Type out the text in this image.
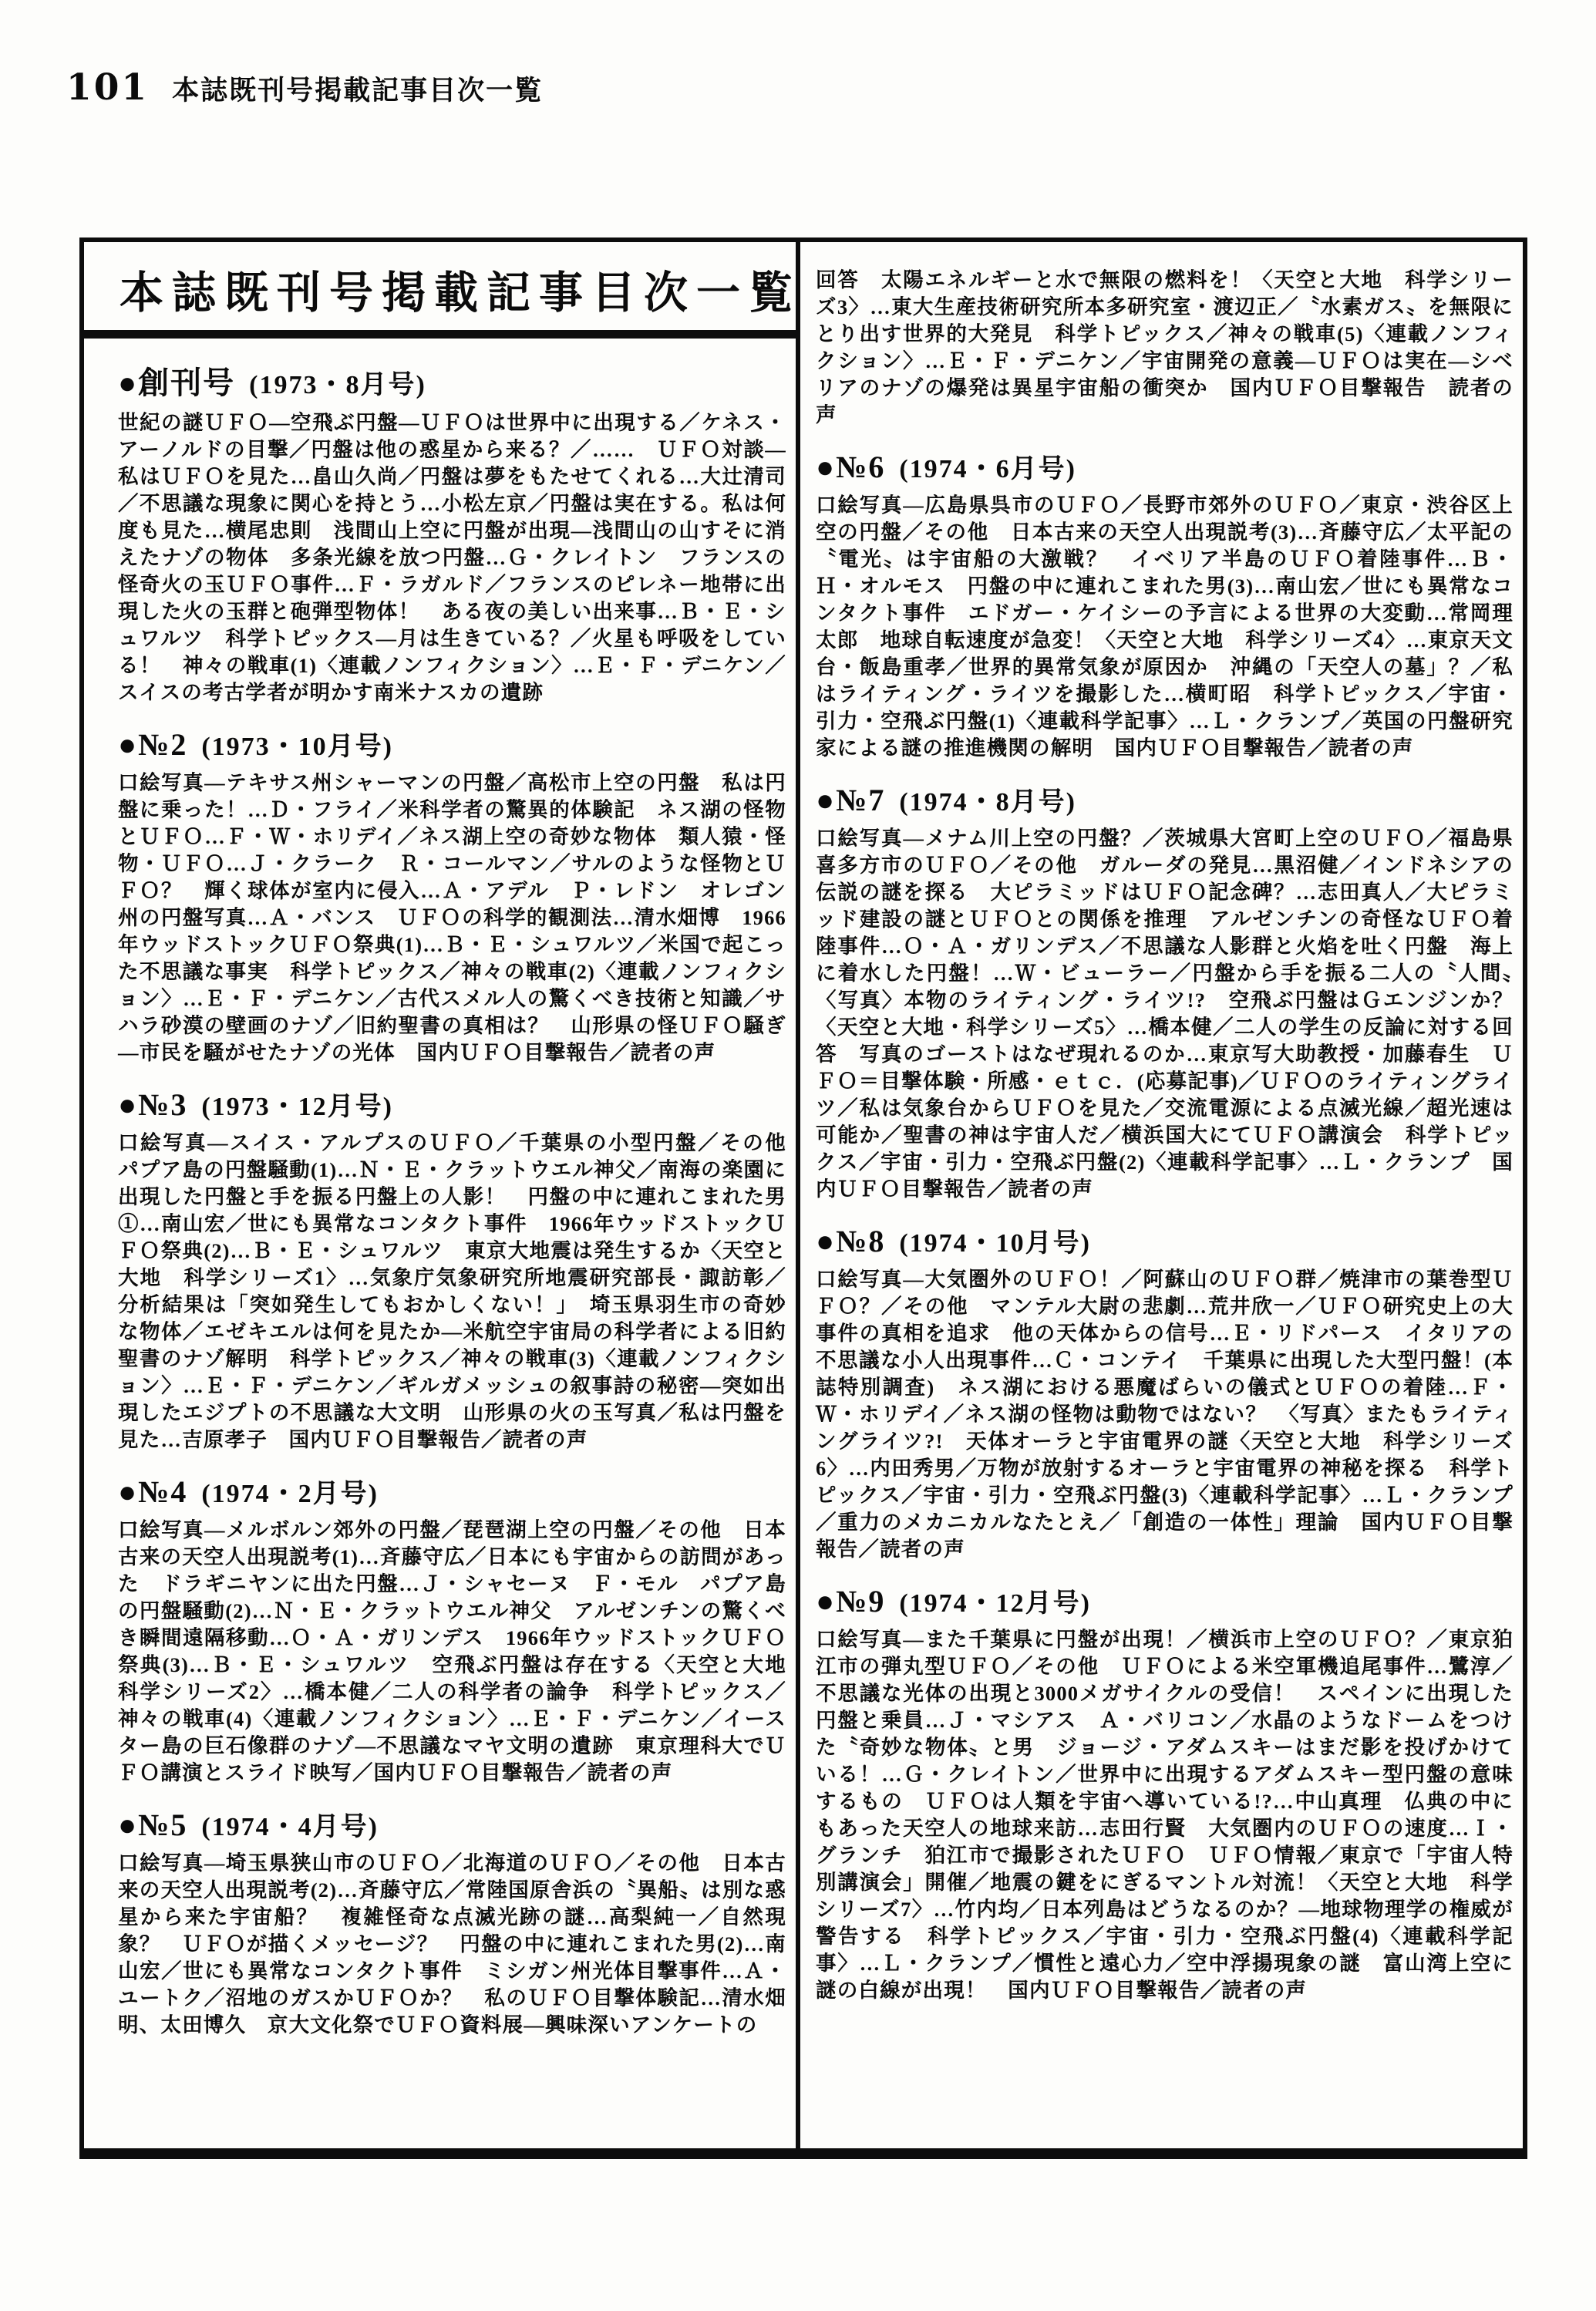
101 本誌既刊号掲載記事目次一覧
本誌既刊号掲載記事目次一覧
●創刊号 (1973・8月号)

世紀の謎ＵＦＯ―空飛ぶ円盤―ＵＦＯは世界中に出現する／ケネス・アーノルドの目撃／円盤は他の惑星から来る？／……　ＵＦＯ対談―私はＵＦＯを見た…畠山久尚／円盤は夢をもたせてくれる…大辻清司／不思議な現象に関心を持とう…小松左京／円盤は実在する。私は何度も見た…横尾忠則　浅間山上空に円盤が出現―浅間山の山すそに消えたナゾの物体　多条光線を放つ円盤…Ｇ・クレイトン　フランスの怪奇火の玉ＵＦＯ事件…Ｆ・ラガルド／フランスのピレネー地帯に出現した火の玉群と砲弾型物体！　ある夜の美しい出来事…Ｂ・Ｅ・シュワルツ　科学トピックス―月は生きている？／火星も呼吸をしている！　神々の戦車(1)〈連載ノンフィクション〉…Ｅ・Ｆ・デニケン／スイスの考古学者が明かす南米ナスカの遺跡

●№2 (1973・10月号)

口絵写真―テキサス州シャーマンの円盤／高松市上空の円盤　私は円盤に乗った！…Ｄ・フライ／米科学者の驚異的体験記　ネス湖の怪物とＵＦＯ…Ｆ・Ｗ・ホリデイ／ネス湖上空の奇妙な物体　類人猿・怪物・ＵＦＯ…Ｊ・クラーク　Ｒ・コールマン／サルのような怪物とＵＦＯ？　輝く球体が室内に侵入…Ａ・アデル　Ｐ・レドン　オレゴン州の円盤写真…Ａ・バンス　ＵＦＯの科学的観測法…清水畑博　1966年ウッドストックＵＦＯ祭典(1)…Ｂ・Ｅ・シュワルツ／米国で起こった不思議な事実　科学トピックス／神々の戦車(2)〈連載ノンフィクション〉…Ｅ・Ｆ・デニケン／古代スメル人の驚くべき技術と知識／サハラ砂漠の壁画のナゾ／旧約聖書の真相は？　山形県の怪ＵＦＯ騒ぎ―市民を騒がせたナゾの光体　国内ＵＦＯ目撃報告／読者の声

●№3 (1973・12月号)

口絵写真―スイス・アルプスのＵＦＯ／千葉県の小型円盤／その他　パプア島の円盤騒動(1)…Ｎ・Ｅ・クラットウエル神父／南海の楽園に出現した円盤と手を振る円盤上の人影！　円盤の中に連れこまれた男①…南山宏／世にも異常なコンタクト事件　1966年ウッドストックＵＦＯ祭典(2)…Ｂ・Ｅ・シュワルツ　東京大地震は発生するか〈天空と大地　科学シリーズ1〉…気象庁気象研究所地震研究部長・諏訪彰／分析結果は「突如発生してもおかしくない！」　埼玉県羽生市の奇妙な物体／エゼキエルは何を見たか―米航空宇宙局の科学者による旧約聖書のナゾ解明　科学トピックス／神々の戦車(3)〈連載ノンフィクション〉…Ｅ・Ｆ・デニケン／ギルガメッシュの叙事詩の秘密―突如出現したエジプトの不思議な大文明　山形県の火の玉写真／私は円盤を見た…吉原孝子　国内ＵＦＯ目撃報告／読者の声

●№4 (1974・2月号)

口絵写真―メルボルン郊外の円盤／琵琶湖上空の円盤／その他　日本古来の天空人出現説考(1)…斉藤守広／日本にも宇宙からの訪問があった　ドラギニヤンに出た円盤…Ｊ・シャセーヌ　Ｆ・モル　パプア島の円盤騒動(2)…Ｎ・Ｅ・クラットウエル神父　アルゼンチンの驚くべき瞬間遠隔移動…Ｏ・Ａ・ガリンデス　1966年ウッドストックＵＦＯ祭典(3)…Ｂ・Ｅ・シュワルツ　空飛ぶ円盤は存在する〈天空と大地　科学シリーズ2〉…橋本健／二人の科学者の論争　科学トピックス／神々の戦車(4)〈連載ノンフィクション〉…Ｅ・Ｆ・デニケン／イースター島の巨石像群のナゾ―不思議なマヤ文明の遺跡　東京理科大でＵＦＯ講演とスライド映写／国内ＵＦＯ目撃報告／読者の声

●№5 (1974・4月号)

口絵写真―埼玉県狭山市のＵＦＯ／北海道のＵＦＯ／その他　日本古来の天空人出現説考(2)…斉藤守広／常陸国原舎浜の〝異船〟は別な惑星から来た宇宙船？　複雑怪奇な点滅光跡の謎…高梨純一／自然現象？　ＵＦＯが描くメッセージ？　円盤の中に連れこまれた男(2)…南山宏／世にも異常なコンタクト事件　ミシガン州光体目撃事件…Ａ・ユートク／沼地のガスかＵＦＯか？　私のＵＦＯ目撃体験記…清水畑明、太田博久　京大文化祭でＵＦＯ資料展―興味深いアンケートの

回答　太陽エネルギーと水で無限の燃料を！〈天空と大地　科学シリーズ3〉…東大生産技術研究所本多研究室・渡辺正／〝水素ガス〟を無限にとり出す世界的大発見　科学トピックス／神々の戦車(5)〈連載ノンフィクション〉…Ｅ・Ｆ・デニケン／宇宙開発の意義―ＵＦＯは実在―シベリアのナゾの爆発は異星宇宙船の衝突か　国内ＵＦＯ目撃報告　読者の声

●№6 (1974・6月号)

口絵写真―広島県呉市のＵＦＯ／長野市郊外のＵＦＯ／東京・渋谷区上空の円盤／その他　日本古来の天空人出現説考(3)…斉藤守広／太平記の〝電光〟は宇宙船の大激戦？　イベリア半島のＵＦＯ着陸事件…Ｂ・Ｈ・オルモス　円盤の中に連れこまれた男(3)…南山宏／世にも異常なコンタクト事件　エドガー・ケイシーの予言による世界の大変動…常岡理太郎　地球自転速度が急変！〈天空と大地　科学シリーズ4〉…東京天文台・飯島重孝／世界的異常気象が原因か　沖縄の「天空人の墓」？／私はライティング・ライツを撮影した…横町昭　科学トピックス／宇宙・引力・空飛ぶ円盤(1)〈連載科学記事〉…Ｌ・クランプ／英国の円盤研究家による謎の推進機関の解明　国内ＵＦＯ目撃報告／読者の声

●№7 (1974・8月号)

口絵写真―メナム川上空の円盤？／茨城県大宮町上空のＵＦＯ／福島県喜多方市のＵＦＯ／その他　ガルーダの発見…黒沼健／インドネシアの伝説の謎を探る　大ピラミッドはＵＦＯ記念碑？…志田真人／大ピラミッド建設の謎とＵＦＯとの関係を推理　アルゼンチンの奇怪なＵＦＯ着陸事件…Ｏ・Ａ・ガリンデス／不思議な人影群と火焰を吐く円盤　海上に着水した円盤！…Ｗ・ビューラー／円盤から手を振る二人の〝人間〟　〈写真〉本物のライティング・ライツ!?　空飛ぶ円盤はＧエンジンか？〈天空と大地・科学シリーズ5〉…橋本健／二人の学生の反論に対する回答　写真のゴーストはなぜ現れるのか…東京写大助教授・加藤春生　ＵＦＯ＝目撃体験・所感・ｅｔｃ．(応募記事)／ＵＦＯのライティングライツ／私は気象台からＵＦＯを見た／交流電源による点滅光線／超光速は可能か／聖書の神は宇宙人だ／横浜国大にてＵＦＯ講演会　科学トピックス／宇宙・引力・空飛ぶ円盤(2)〈連載科学記事〉…Ｌ・クランプ　国内ＵＦＯ目撃報告／読者の声

●№8 (1974・10月号)

口絵写真―大気圏外のＵＦＯ！／阿蘇山のＵＦＯ群／焼津市の葉巻型ＵＦＯ？／その他　マンテル大尉の悲劇…荒井欣一／ＵＦＯ研究史上の大事件の真相を追求　他の天体からの信号…Ｅ・リドパース　イタリアの不思議な小人出現事件…Ｃ・コンテイ　千葉県に出現した大型円盤！(本誌特別調査)　ネス湖における悪魔ばらいの儀式とＵＦＯの着陸…Ｆ・Ｗ・ホリデイ／ネス湖の怪物は動物ではない？　〈写真〉またもライティングライツ?!　天体オーラと宇宙電界の謎〈天空と大地　科学シリーズ6〉…内田秀男／万物が放射するオーラと宇宙電界の神秘を探る　科学トピックス／宇宙・引力・空飛ぶ円盤(3)〈連載科学記事〉…Ｌ・クランプ／重力のメカニカルなたとえ／「創造の一体性」理論　国内ＵＦＯ目撃報告／読者の声

●№9 (1974・12月号)

口絵写真―また千葉県に円盤が出現！／横浜市上空のＵＦＯ？／東京狛江市の弾丸型ＵＦＯ／その他　ＵＦＯによる米空軍機追尾事件…鷺淳／不思議な光体の出現と3000メガサイクルの受信！　スペインに出現した円盤と乗員…Ｊ・マシアス　Ａ・バリコン／水晶のようなドームをつけた〝奇妙な物体〟と男　ジョージ・アダムスキーはまだ影を投げかけている！…Ｇ・クレイトン／世界中に出現するアダムスキー型円盤の意味するもの　ＵＦＯは人類を宇宙へ導いている!?…中山真理　仏典の中にもあった天空人の地球来訪…志田行賢　大気圏内のＵＦＯの速度…Ｉ・グランチ　狛江市で撮影されたＵＦＯ　ＵＦＯ情報／東京で「宇宙人特別講演会」開催／地震の鍵をにぎるマントル対流！〈天空と大地　科学シリーズ7〉…竹内均／日本列島はどうなるのか？―地球物理学の権威が警告する　科学トピックス／宇宙・引力・空飛ぶ円盤(4)〈連載科学記事〉…Ｌ・クランプ／慣性と遠心力／空中浮揚現象の謎　富山湾上空に謎の白線が出現！　国内ＵＦＯ目撃報告／読者の声
